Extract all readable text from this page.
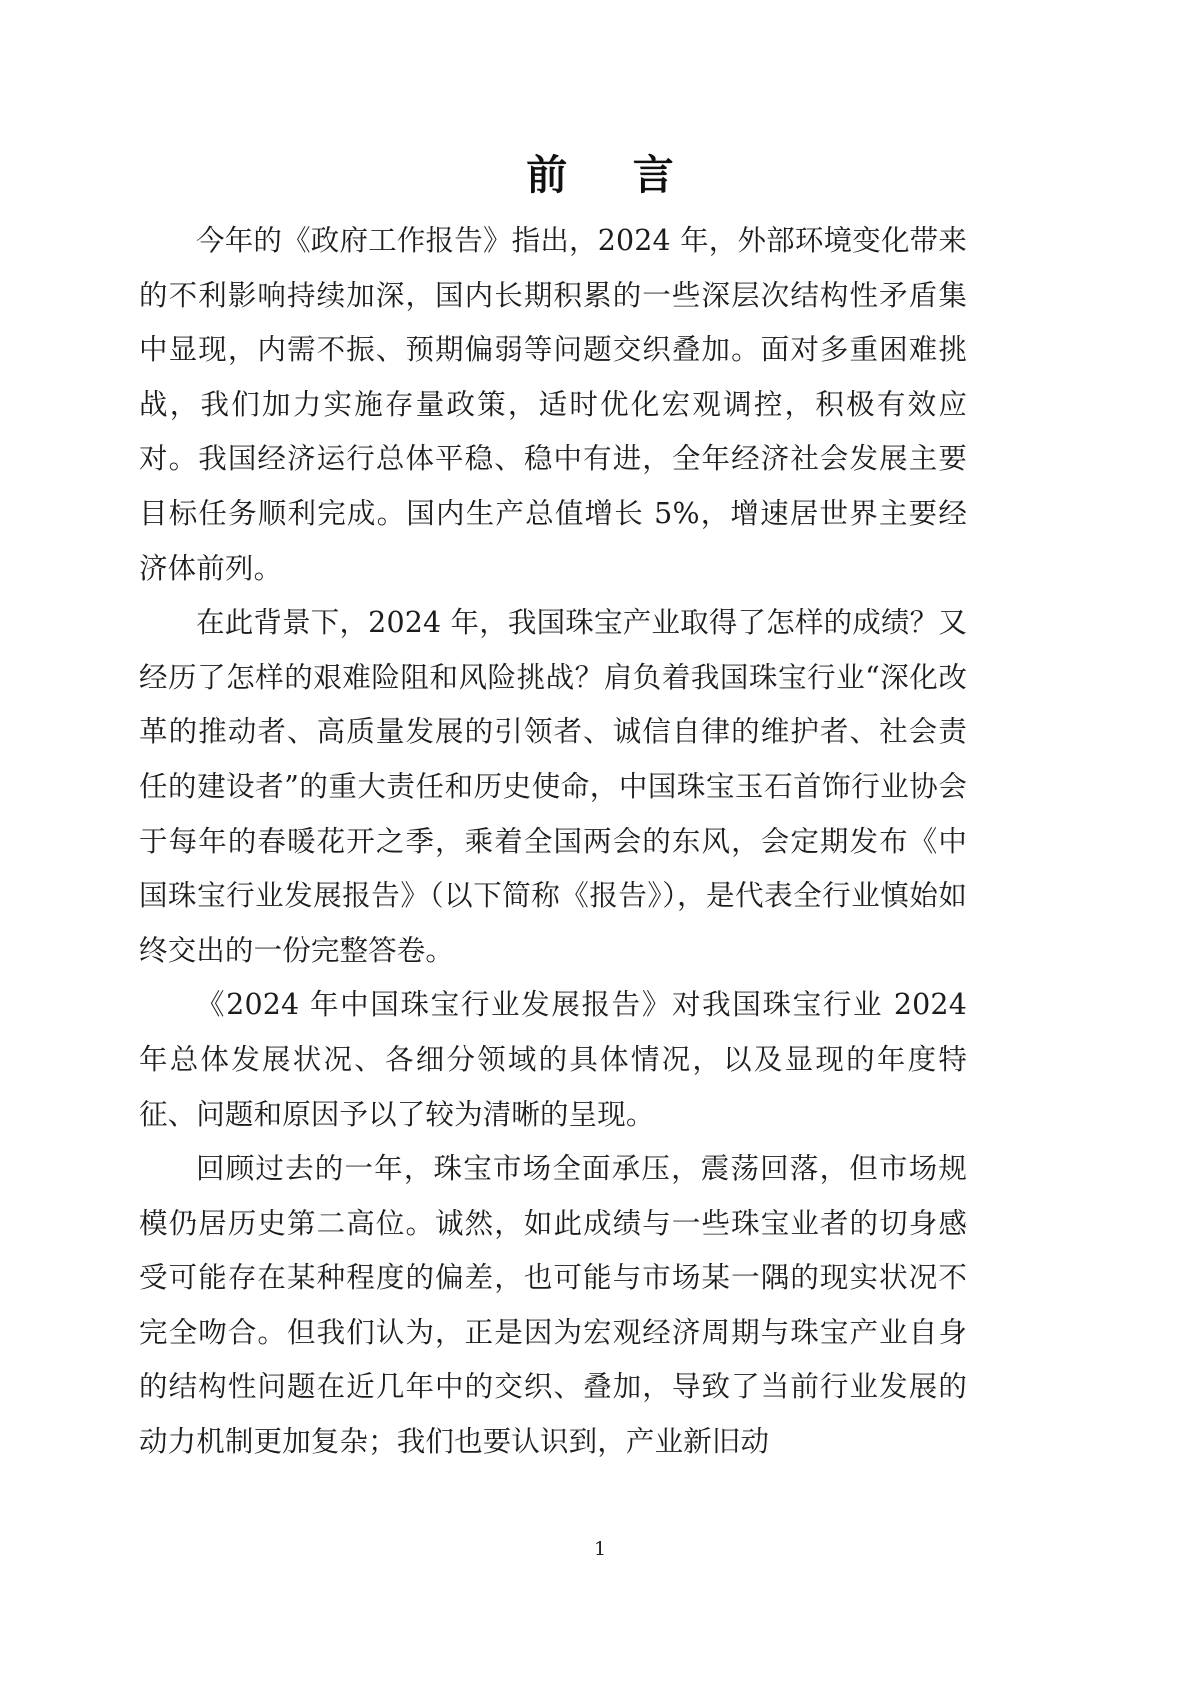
前　言

今年的《政府工作报告》指出，2024 年，外部环境变化带来的不利影响持续加深，国内长期积累的一些深层次结构性矛盾集中显现，内需不振、预期偏弱等问题交织叠加。面对多重困难挑战，我们加力实施存量政策，适时优化宏观调控，积极有效应对。我国经济运行总体平稳、稳中有进，全年经济社会发展主要目标任务顺利完成。国内生产总值增长 5%，增速居世界主要经济体前列。

在此背景下，2024 年，我国珠宝产业取得了怎样的成绩？又经历了怎样的艰难险阻和风险挑战？肩负着我国珠宝行业“深化改革的推动者、高质量发展的引领者、诚信自律的维护者、社会责任的建设者”的重大责任和历史使命，中国珠宝玉石首饰行业协会于每年的春暖花开之季，乘着全国两会的东风，会定期发布《中国珠宝行业发展报告》（以下简称《报告》），是代表全行业慎始如终交出的一份完整答卷。

《2024 年中国珠宝行业发展报告》对我国珠宝行业 2024 年总体发展状况、各细分领域的具体情况，以及显现的年度特征、问题和原因予以了较为清晰的呈现。

回顾过去的一年，珠宝市场全面承压，震荡回落，但市场规模仍居历史第二高位。诚然，如此成绩与一些珠宝业者的切身感受可能存在某种程度的偏差，也可能与市场某一隅的现实状况不完全吻合。但我们认为，正是因为宏观经济周期与珠宝产业自身的结构性问题在近几年中的交织、叠加，导致了当前行业发展的动力机制更加复杂；我们也要认识到，产业新旧动

1
